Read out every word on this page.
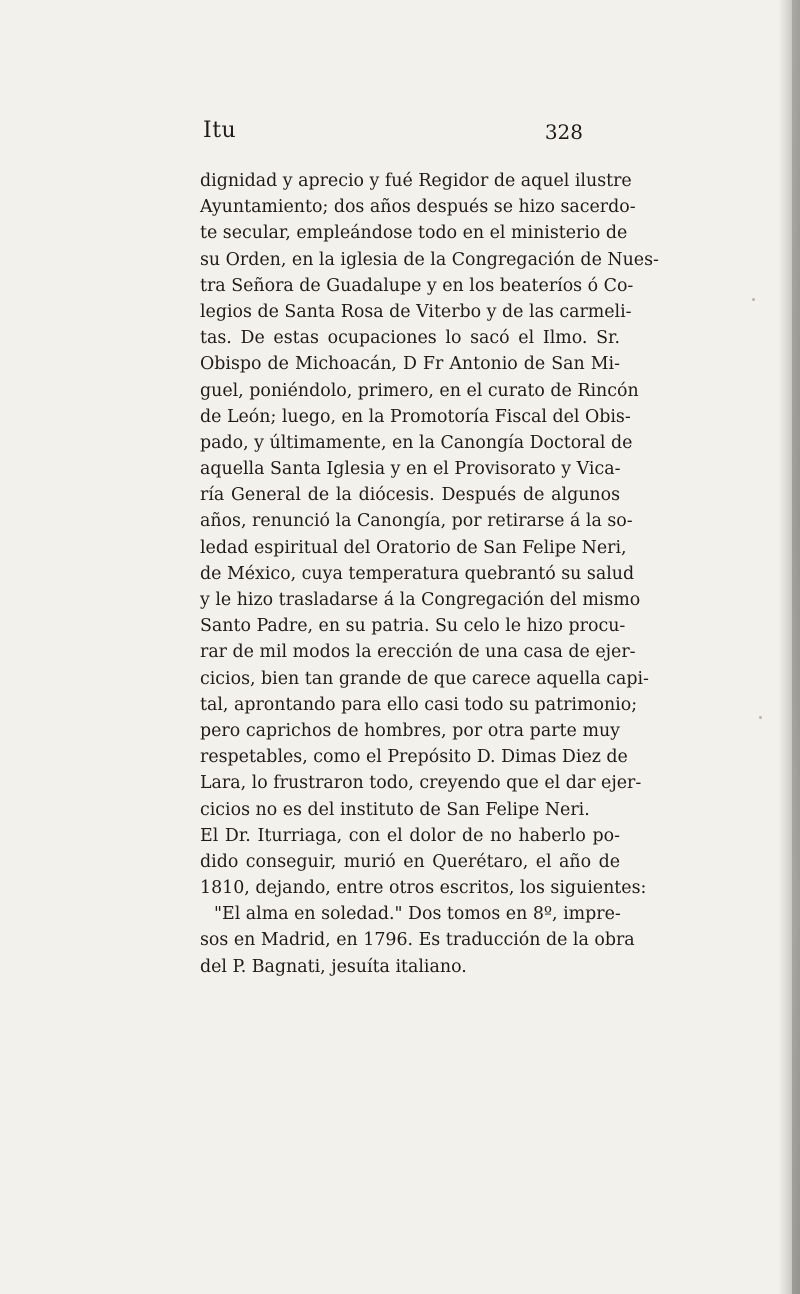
Itu	328
dignidad y aprecio y fué Regidor de aquel ilustre
Ayuntamiento; dos años después se hizo sacerdo-
te secular, empleándose todo en el ministerio de
su Orden, en la iglesia de la Congregación de Nues-
tra Señora de Guadalupe y en los beateríos ó Co-
legios de Santa Rosa de Viterbo y de las carmeli-
tas. De estas ocupaciones lo sacó el Ilmo. Sr.
Obispo de Michoacán, D Fr Antonio de San Mi-
guel, poniéndolo, primero, en el curato de Rincón
de León; luego, en la Promotoría Fiscal del Obis-
pado, y últimamente, en la Canongía Doctoral de
aquella Santa Iglesia y en el Provisorato y Vica-
ría General de la diócesis. Después de algunos
años, renunció la Canongía, por retirarse á la so-
ledad espiritual del Oratorio de San Felipe Neri,
de México, cuya temperatura quebrantó su salud
y le hizo trasladarse á la Congregación del mismo
Santo Padre, en su patria. Su celo le hizo procu-
rar de mil modos la erección de una casa de ejer-
cicios, bien tan grande de que carece aquella capi-
tal, aprontando para ello casi todo su patrimonio;
pero caprichos de hombres, por otra parte muy
respetables, como el Prepósito D. Dimas Diez de
Lara, lo frustraron todo, creyendo que el dar ejer-
cicios no es del instituto de San Felipe Neri.
El Dr. Iturriaga, con el dolor de no haberlo po-
dido conseguir, murió en Querétaro, el año de
1810, dejando, entre otros escritos, los siguientes:
"El alma en soledad." Dos tomos en 8º, impre-
sos en Madrid, en 1796. Es traducción de la obra
del P. Bagnati, jesuíta italiano.
